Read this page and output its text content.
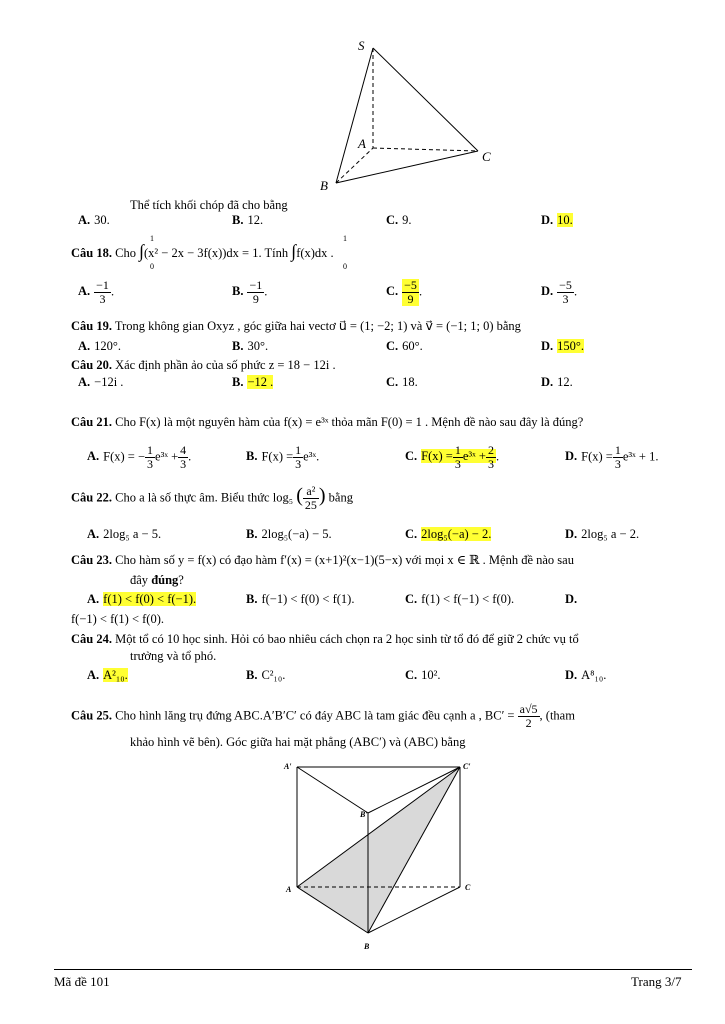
S
A
B
C
Thể tích khối chóp đã cho bằng
A. 30.	B. 12.	C. 9.	D. 10.
Câu 18. Cho ∫(x² − 2x − 3f(x))dx = 1. Tính ∫f(x)dx .
1
0
1
0
A. $\frac{-1}{3}$ .	B. $\frac{-1}{9}$ .	C. $\frac{-5}{9}$ .	D. $\frac{-5}{3}$ .
Câu 19. Trong không gian Oxyz , góc giữa hai vectơ u⃗ = (1; −2; 1) và v⃗ = (−1; 1; 0) bằng
A. 120°.	B. 30°.	C. 60°.	D. 150°.
Câu 20. Xác định phần ảo của số phức z = 18 − 12i .
A. −12i .	B. −12 .	C. 18.	D. 12.
Câu 21. Cho F(x) là một nguyên hàm của f(x) = e³ˣ thỏa mãn F(0) = 1 . Mệnh đề nào sau đây là đúng?
A. F(x) = − $\frac{1}{3}$ e³ˣ + $\frac{4}{3}$ .	B. $F(x) = \frac{1}{3}$ e³ˣ.	C. $F(x) = \frac{1}{3}$ e³ˣ + $\frac{2}{3}$ .	D. $F(x) = \frac{1}{3}$ e³ˣ + 1.
Câu 22. Cho a là số thực âm. Biểu thức log₅ ( $\frac{\text{a²}}{25}$ ) bằng
A. 2log₅ a − 5.	B. 2log₅(−a) − 5.	C. 2log₅(−a) − 2.	D. 2log₅ a − 2.
Câu 23. Cho hàm số y = f(x) có đạo hàm f′(x) = (x+1)²(x−1)(5−x) với mọi x ∈ ℝ . Mệnh đề nào sau
đây đúng?
A. f(1) < f(0) < f(−1).	B. f(−1) < f(0) < f(1).	C. f(1) < f(−1) < f(0).	D.
f(−1) < f(1) < f(0).
Câu 24. Một tổ có 10 học sinh. Hỏi có bao nhiêu cách chọn ra 2 học sinh từ tổ đó để giữ 2 chức vụ tổ
trưởng và tổ phó.
A. A²₁₀.	B. C²₁₀.	C. 10².	D. A⁸₁₀.
Câu 25. Cho hình lăng trụ đứng ABC.A′B′C′ có đáy ABC là tam giác đều cạnh a , $BC' = \frac{a√5}{2}$ , (tham
khảo hình vẽ bên). Góc giữa hai mặt phẳng (ABC′) và (ABC) bằng
A′
B′
C′
A	C
B
Mã đề 101	Trang 3/7
